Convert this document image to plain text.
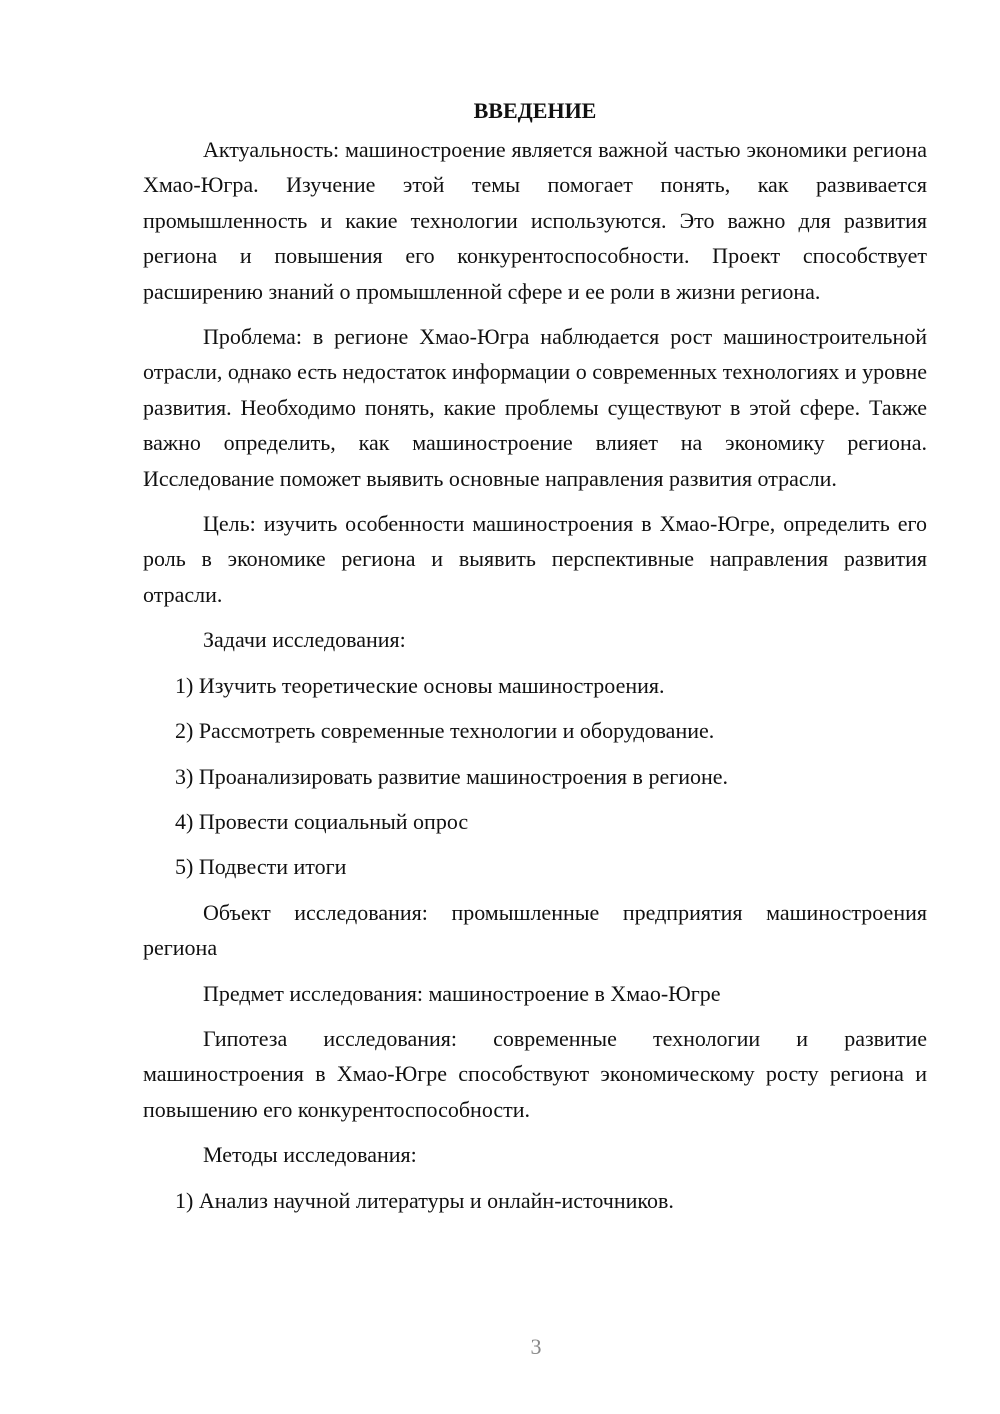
ВВЕДЕНИЕ

Актуальность: машиностроение является важной частью экономики региона Хмао-Югра. Изучение этой темы помогает понять, как развивается промышленность и какие технологии используются. Это важно для развития региона и повышения его конкурентоспособности. Проект способствует расширению знаний о промышленной сфере и ее роли в жизни региона.

Проблема: в регионе Хмао-Югра наблюдается рост машиностроительной отрасли, однако есть недостаток информации о современных технологиях и уровне развития. Необходимо понять, какие проблемы существуют в этой сфере. Также важно определить, как машиностроение влияет на экономику региона. Исследование поможет выявить основные направления развития отрасли.

Цель: изучить особенности машиностроения в Хмао-Югре, определить его роль в экономике региона и выявить перспективные направления развития отрасли.

Задачи исследования:

1) Изучить теоретические основы машиностроения.

2) Рассмотреть современные технологии и оборудование.

3) Проанализировать развитие машиностроения в регионе.

4) Провести социальный опрос

5) Подвести итоги

Объект исследования: промышленные предприятия машиностроения региона

Предмет исследования: машиностроение в Хмао-Югре

Гипотеза исследования: современные технологии и развитие машиностроения в Хмао-Югре способствуют экономическому росту региона и повышению его конкурентоспособности.

Методы исследования:

1) Анализ научной литературы и онлайн-источников.

3
